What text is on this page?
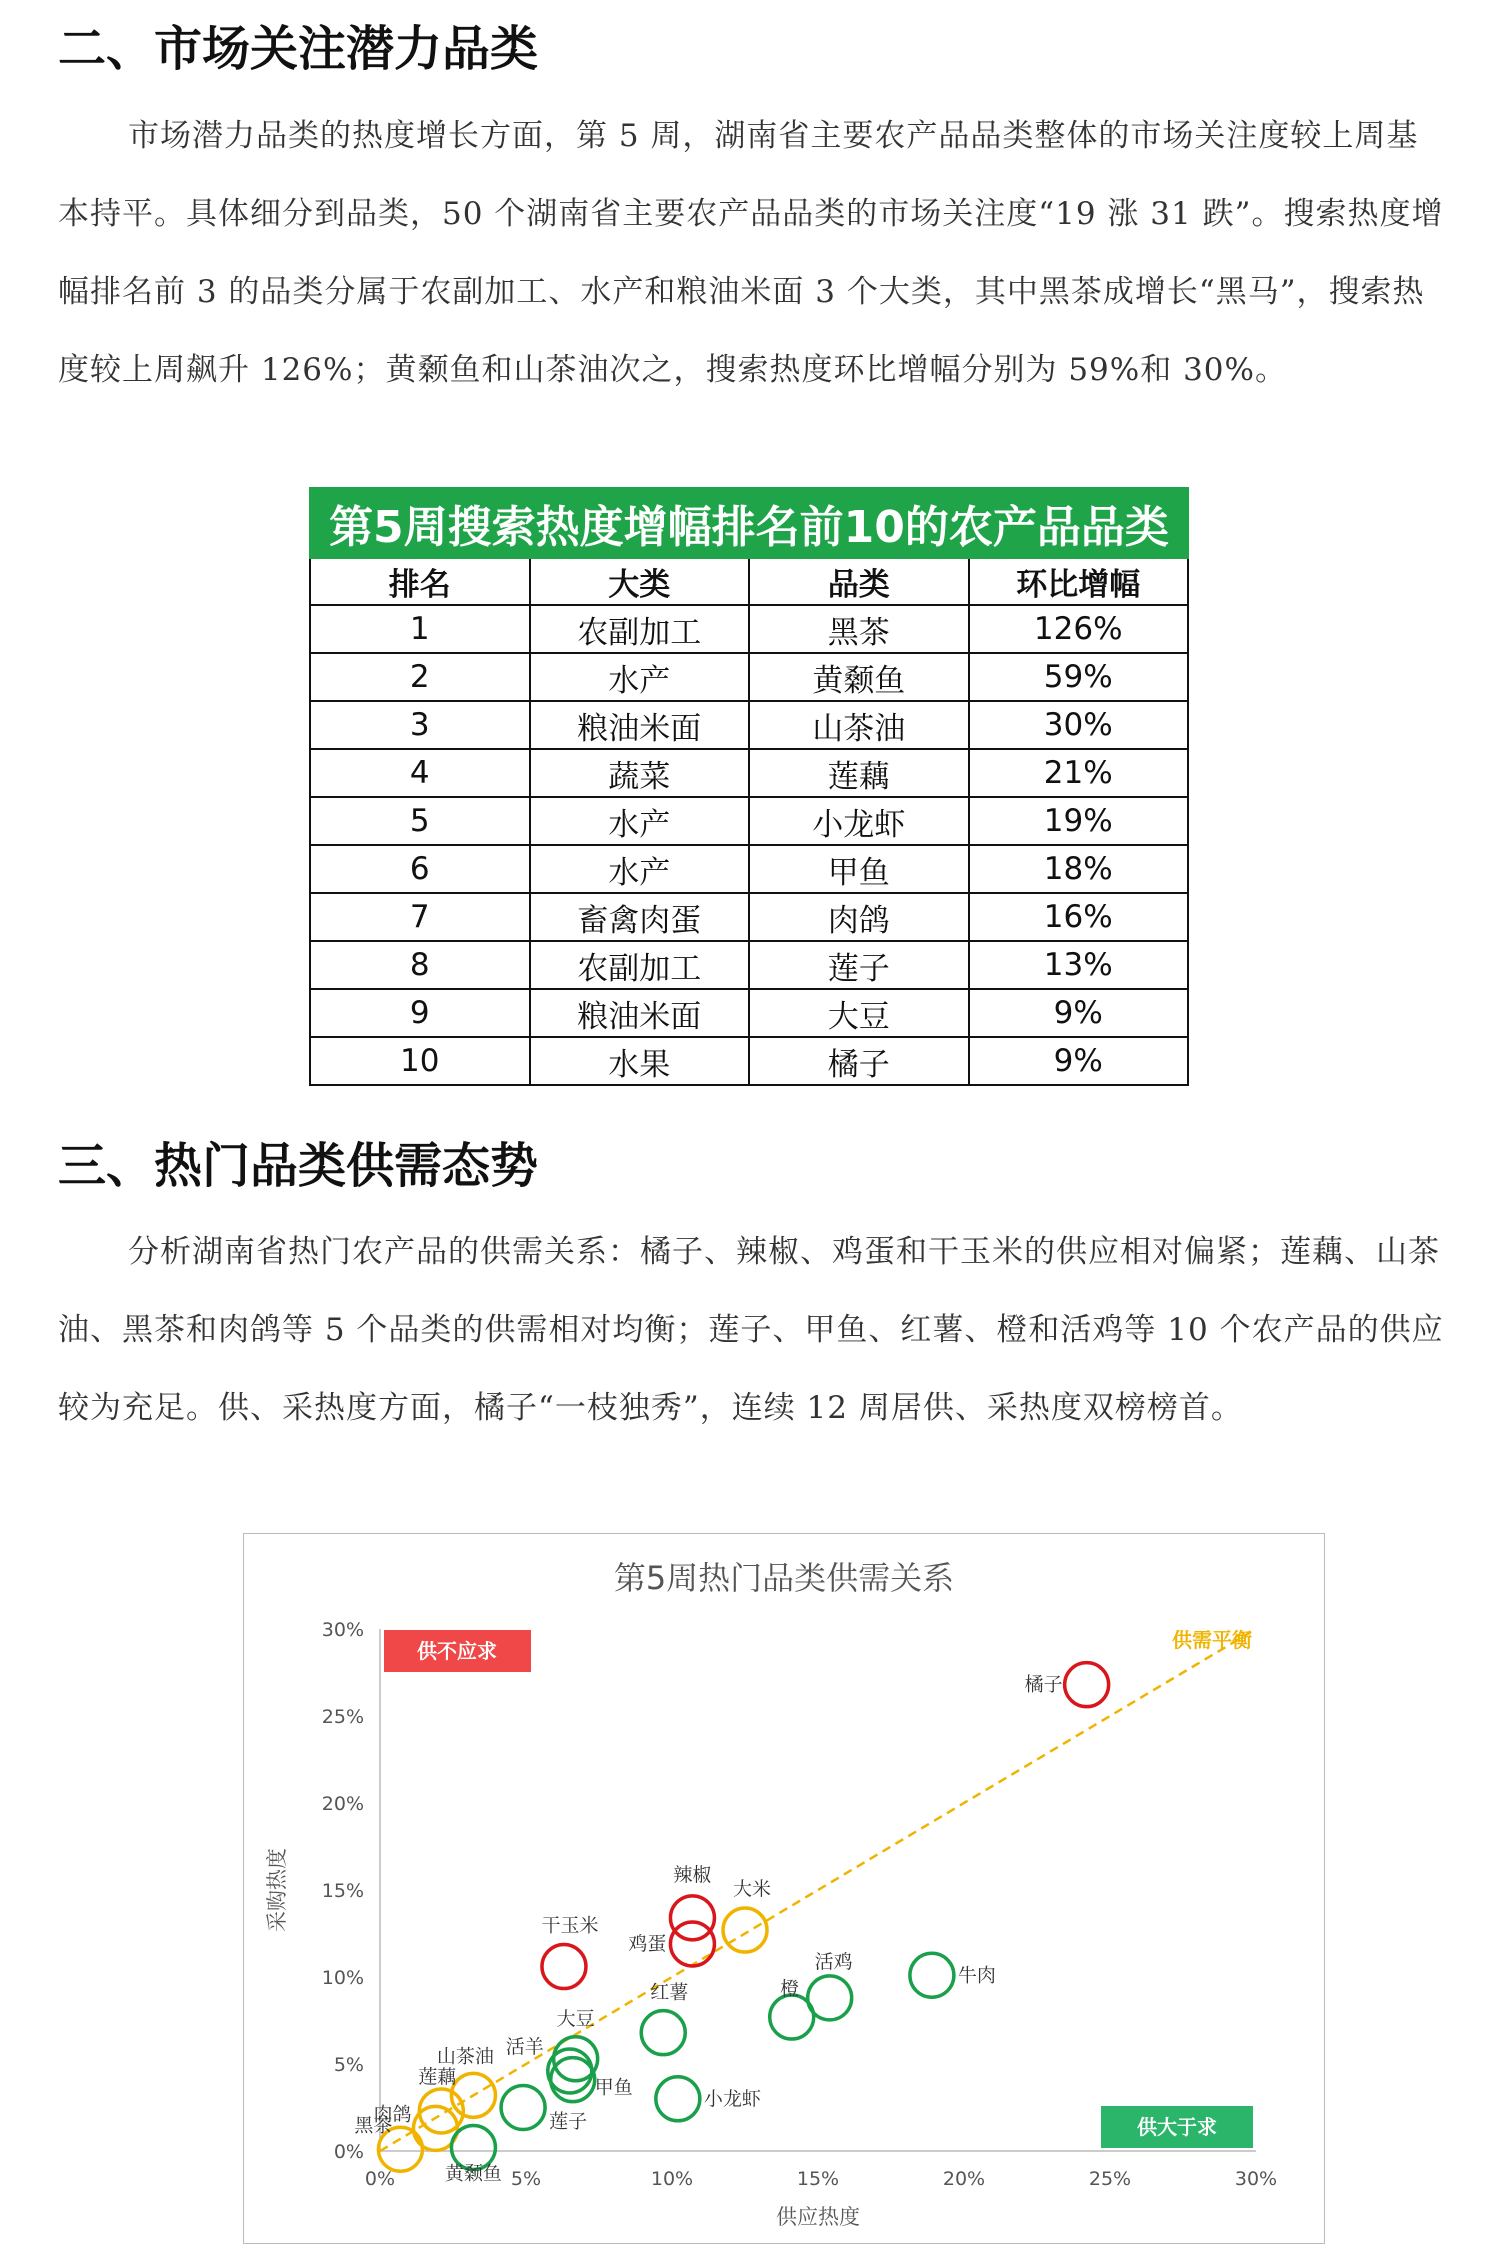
二、市场关注潜力品类

市场潜力品类的热度增长方面，第 5 周，湖南省主要农产品品类整体的市场关注度较上周基本持平。具体细分到品类，50 个湖南省主要农产品品类的市场关注度“19 涨 31 跌”。搜索热度增幅排名前 3 的品类分属于农副加工、水产和粮油米面 3 个大类，其中黑茶成增长“黑马”，搜索热度较上周飙升 126%；黄颡鱼和山茶油次之，搜索热度环比增幅分别为 59%和 30%。

第5周搜索热度增幅排名前10的农产品品类			
排名	大类	品类	环比增幅
1	农副加工	黑茶	126%
2	水产	黄颡鱼	59%
3	粮油米面	山茶油	30%
4	蔬菜	莲藕	21%
5	水产	小龙虾	19%
6	水产	甲鱼	18%
7	畜禽肉蛋	肉鸽	16%
8	农副加工	莲子	13%
9	粮油米面	大豆	9%
10	水果	橘子	9%
三、热门品类供需态势

分析湖南省热门农产品的供需关系：橘子、辣椒、鸡蛋和干玉米的供应相对偏紧；莲藕、山茶油、黑茶和肉鸽等 5 个品类的供需相对均衡；莲子、甲鱼、红薯、橙和活鸡等 10 个农产品的供应较为充足。供、采热度方面，橘子“一枝独秀”，连续 12 周居供、采热度双榜榜首。

第5周热门品类供需关系
0%	5%	10%	15%	20%	25%	30%
0%
5%
10%
15%
20%
25%
30%
供应热度
采购热度
供需平衡
供不应求
供大于求
橘子
辣椒
鸡蛋
干玉米
大米
山茶油
莲藕
肉鸽
黑茶
牛肉
活鸡
橙
红薯
大豆
活羊
甲鱼
莲子
小龙虾
黄颡鱼
